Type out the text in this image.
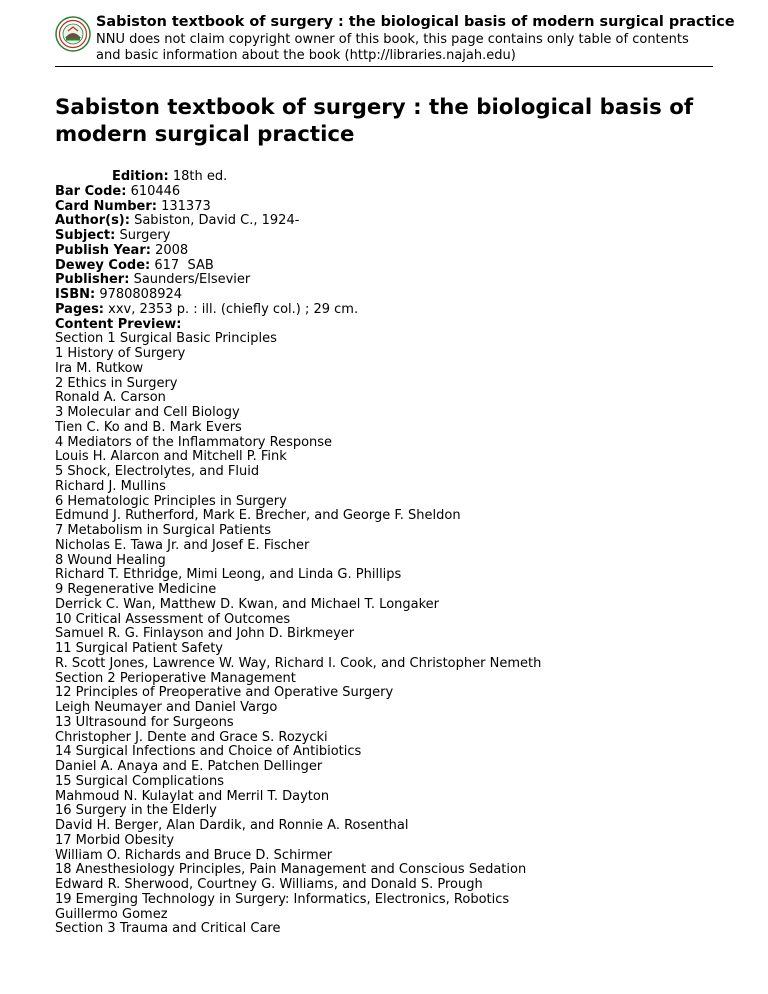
Sabiston textbook of surgery : the biological basis of modern surgical practice
NNU does not claim copyright owner of this book, this page contains only table of contents and basic information about the book (http://libraries.najah.edu)
Sabiston textbook of surgery : the biological basis of modern surgical practice
Edition: 18th ed.
Bar Code: 610446
Card Number: 131373
Author(s): Sabiston, David C., 1924-
Subject: Surgery
Publish Year: 2008
Dewey Code: 617  SAB
Publisher: Saunders/Elsevier
ISBN: 9780808924
Pages: xxv, 2353 p. : ill. (chiefly col.) ; 29 cm.
Content Preview:
Section 1 Surgical Basic Principles
1 History of Surgery
Ira M. Rutkow
2 Ethics in Surgery
Ronald A. Carson
3 Molecular and Cell Biology
Tien C. Ko and B. Mark Evers
4 Mediators of the Inflammatory Response
Louis H. Alarcon and Mitchell P. Fink
5 Shock, Electrolytes, and Fluid
Richard J. Mullins
6 Hematologic Principles in Surgery
Edmund J. Rutherford, Mark E. Brecher, and George F. Sheldon
7 Metabolism in Surgical Patients
Nicholas E. Tawa Jr. and Josef E. Fischer
8 Wound Healing
Richard T. Ethridge, Mimi Leong, and Linda G. Phillips
9 Regenerative Medicine
Derrick C. Wan, Matthew D. Kwan, and Michael T. Longaker
10 Critical Assessment of Outcomes
Samuel R. G. Finlayson and John D. Birkmeyer
11 Surgical Patient Safety
R. Scott Jones, Lawrence W. Way, Richard I. Cook, and Christopher Nemeth
Section 2 Perioperative Management
12 Principles of Preoperative and Operative Surgery
Leigh Neumayer and Daniel Vargo
13 Ultrasound for Surgeons
Christopher J. Dente and Grace S. Rozycki
14 Surgical Infections and Choice of Antibiotics
Daniel A. Anaya and E. Patchen Dellinger
15 Surgical Complications
Mahmoud N. Kulaylat and Merril T. Dayton
16 Surgery in the Elderly
David H. Berger, Alan Dardik, and Ronnie A. Rosenthal
17 Morbid Obesity
William O. Richards and Bruce D. Schirmer
18 Anesthesiology Principles, Pain Management and Conscious Sedation
Edward R. Sherwood, Courtney G. Williams, and Donald S. Prough
19 Emerging Technology in Surgery: Informatics, Electronics, Robotics
Guillermo Gomez
Section 3 Trauma and Critical Care
